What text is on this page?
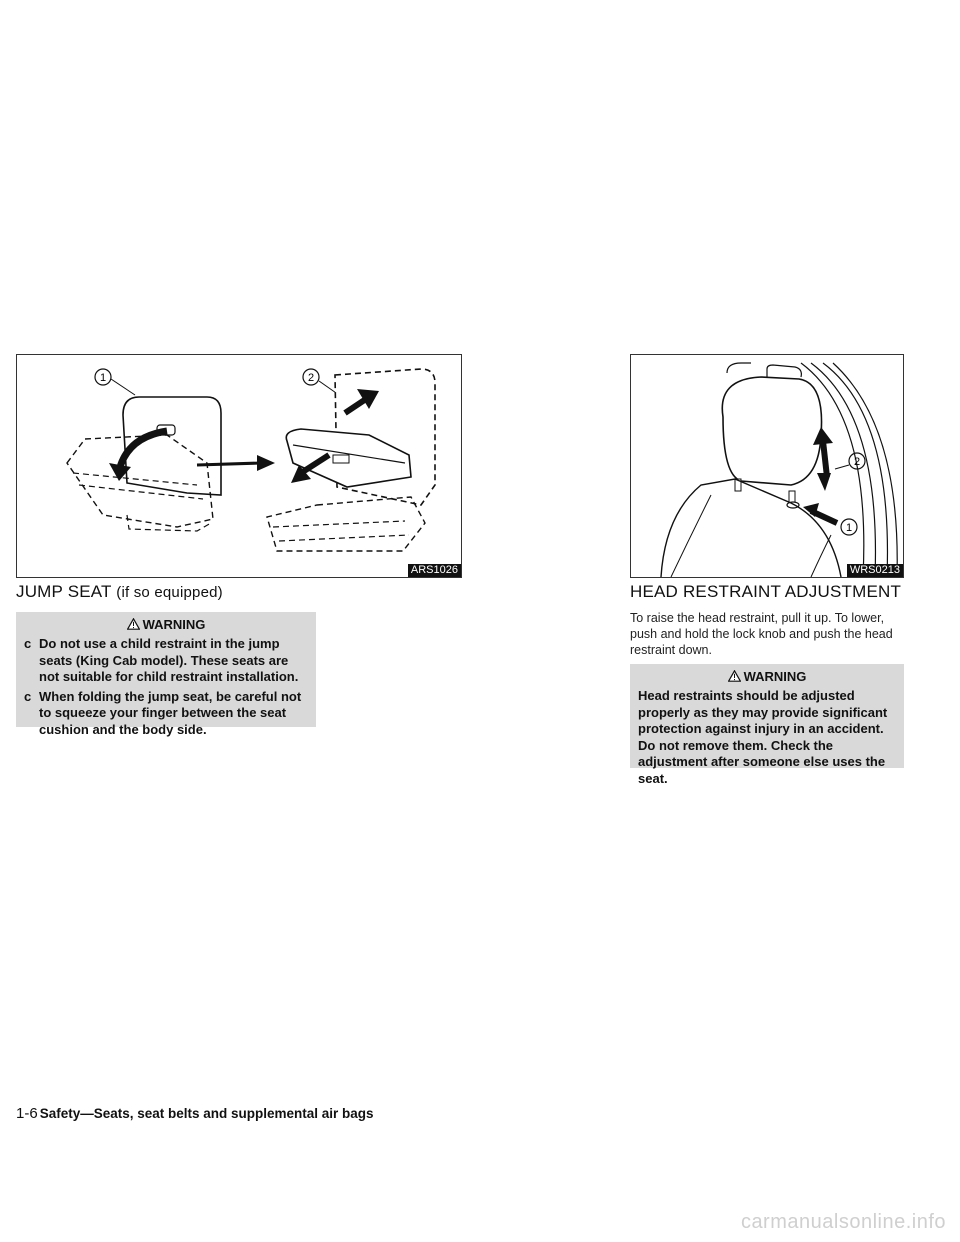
1	2
ARS1026
JUMP SEAT (if so equipped)
WARNING
c Do not use a child restraint in the jump seats (King Cab model). These seats are not suitable for child restraint installation.
c When folding the jump seat, be careful not to squeeze your finger between the seat cushion and the body side.
2
1
WRS0213
HEAD RESTRAINT ADJUSTMENT
To raise the head restraint, pull it up. To lower, push and hold the lock knob and push the head restraint down.
WARNING
Head restraints should be adjusted properly as they may provide significant protection against injury in an accident. Do not remove them. Check the adjustment after someone else uses the seat.
1-6 Safety—Seats, seat belts and supplemental air bags
carmanualsonline.info
